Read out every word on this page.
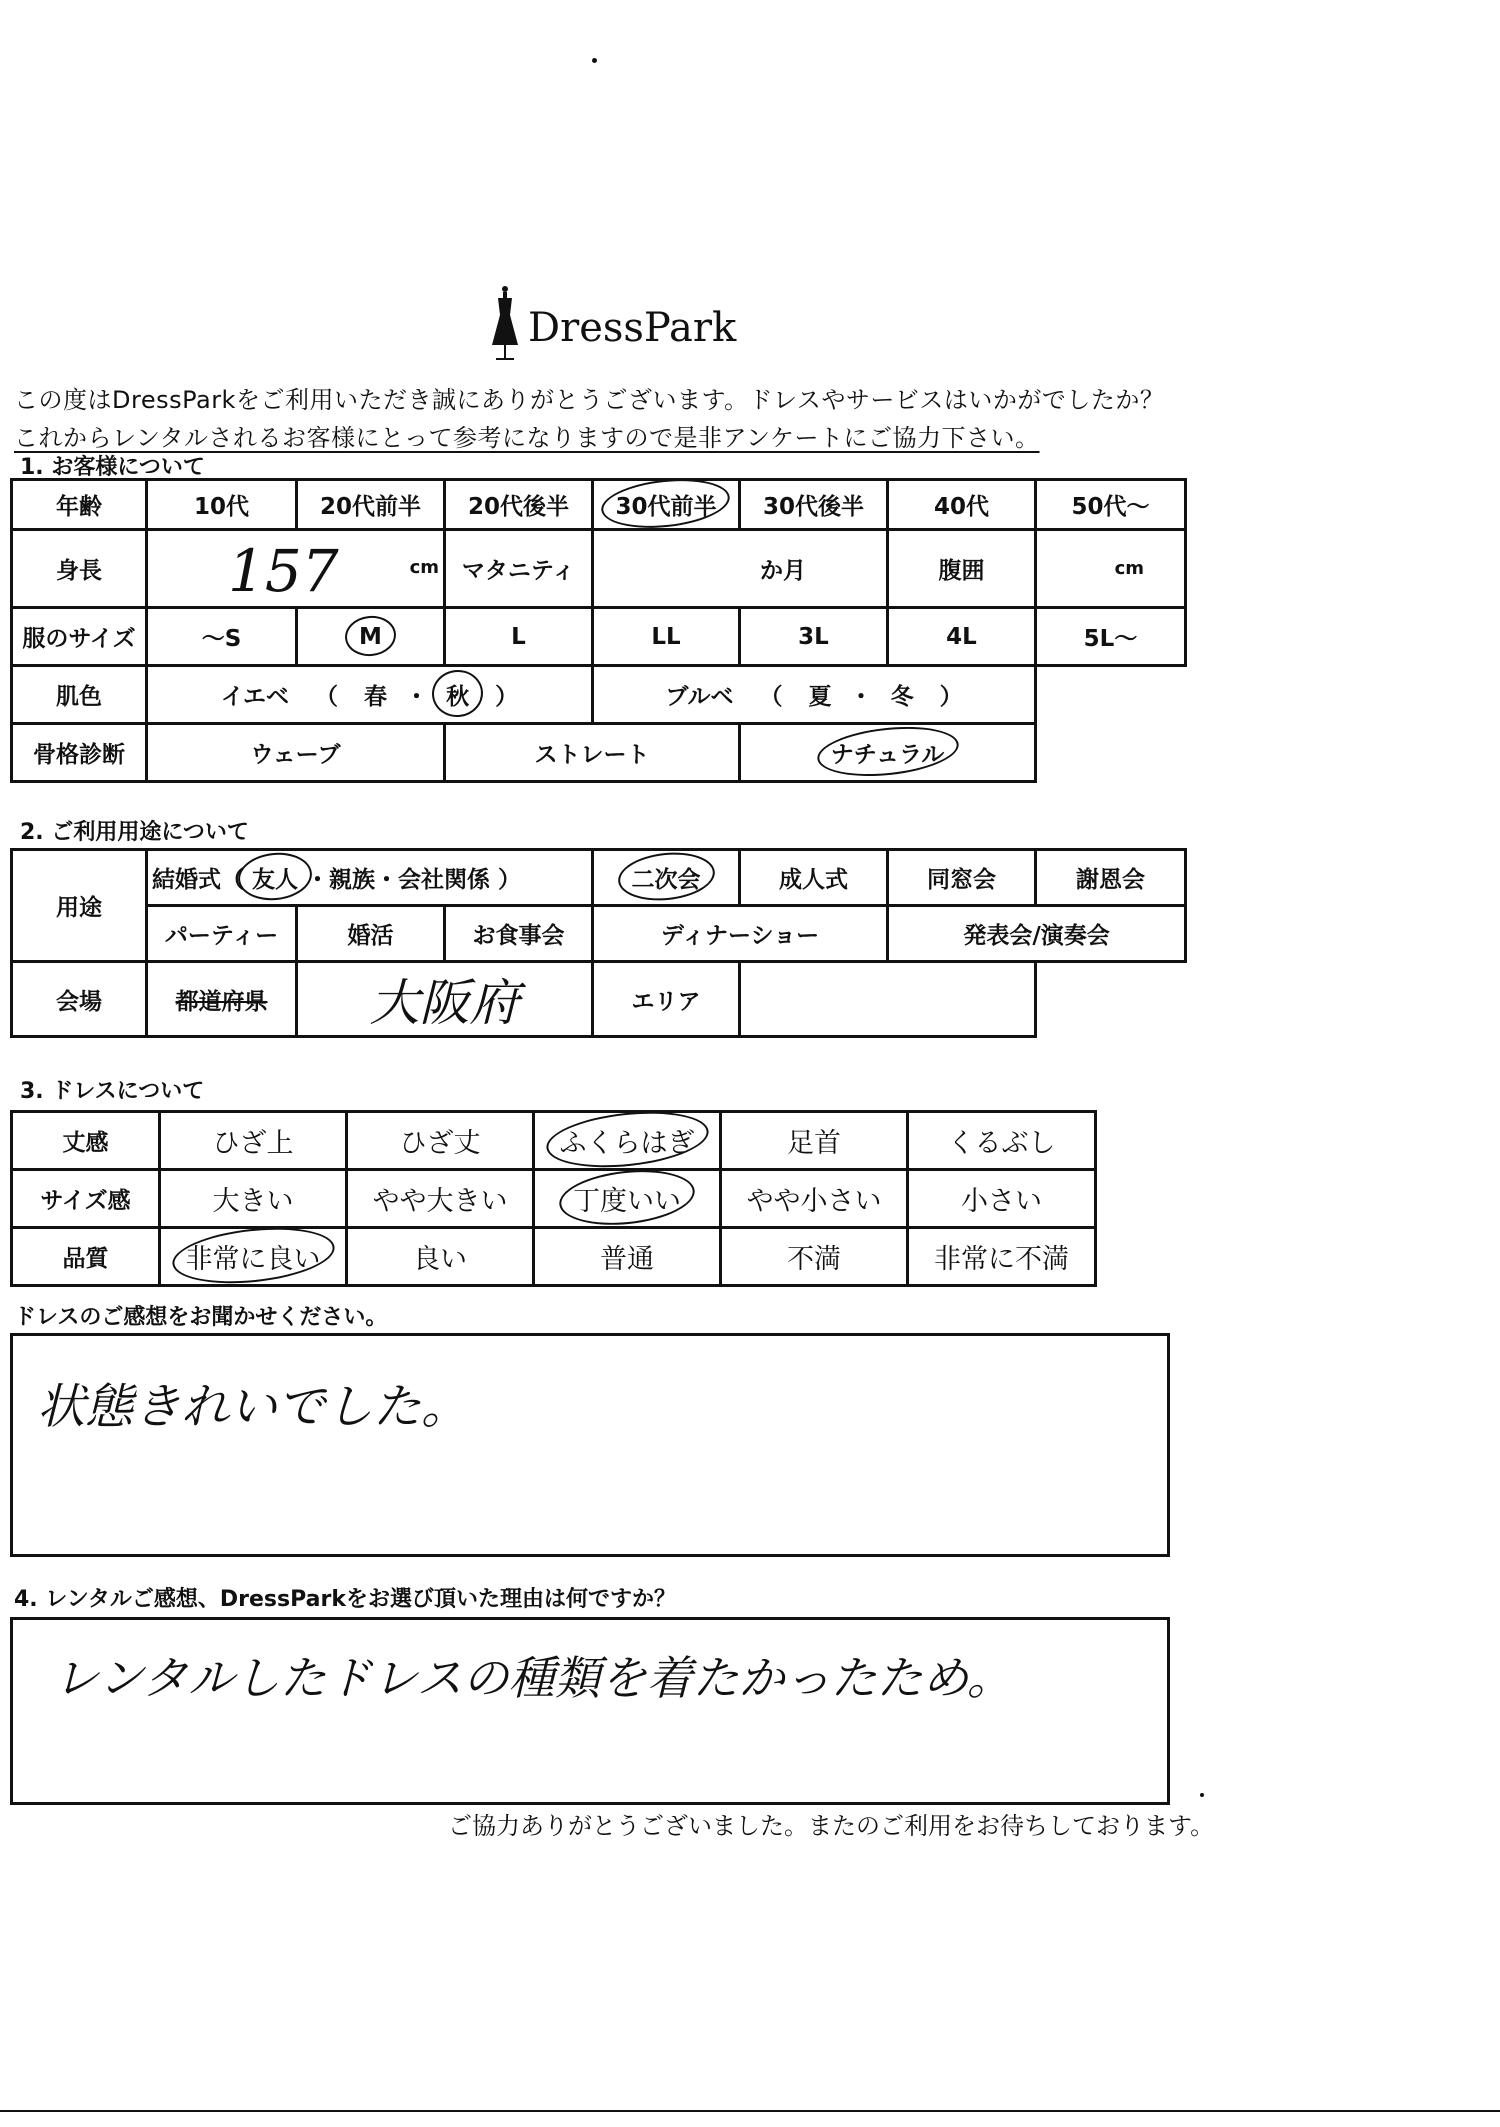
DressPark
この度はDressParkをご利用いただき誠にありがとうございます。ドレスやサービスはいかがでしたか？
これからレンタルされるお客様にとって参考になりますので是非アンケートにご協力下さい。
1. お客様について
年齢	10代	20代前半	20代後半	30代前半	30代後半	40代	50代～
身長	157 cm		マタニティ	か月		腹囲	cm
服のサイズ	～S	M	L	LL	3L	4L	5L～
肌色	イエベ （ 春 ・ 秋 ）			ブルベ （ 夏 ・ 冬 ）			
骨格診断	ウェーブ		ストレート		ナチュラル		
2. ご利用用途について
用途	結婚式（ 友人 ・親族・会社関係 ）			二次会	成人式	同窓会	謝恩会
	パーティー	婚活	お食事会	ディナーショー		発表会/演奏会	
会場	都道府県	大阪府		エリア			
3. ドレスについて
丈感	ひざ上	ひざ丈	ふくらはぎ	足首	くるぶし
サイズ感	大きい	やや大きい	丁度いい	やや小さい	小さい
品質	非常に良い	良い	普通	不満	非常に不満
ドレスのご感想をお聞かせください。
状態きれいでした。
4. レンタルご感想、DressParkをお選び頂いた理由は何ですか？
レンタルしたドレスの種類を着たかったため。
ご協力ありがとうございました。またのご利用をお待ちしております。
